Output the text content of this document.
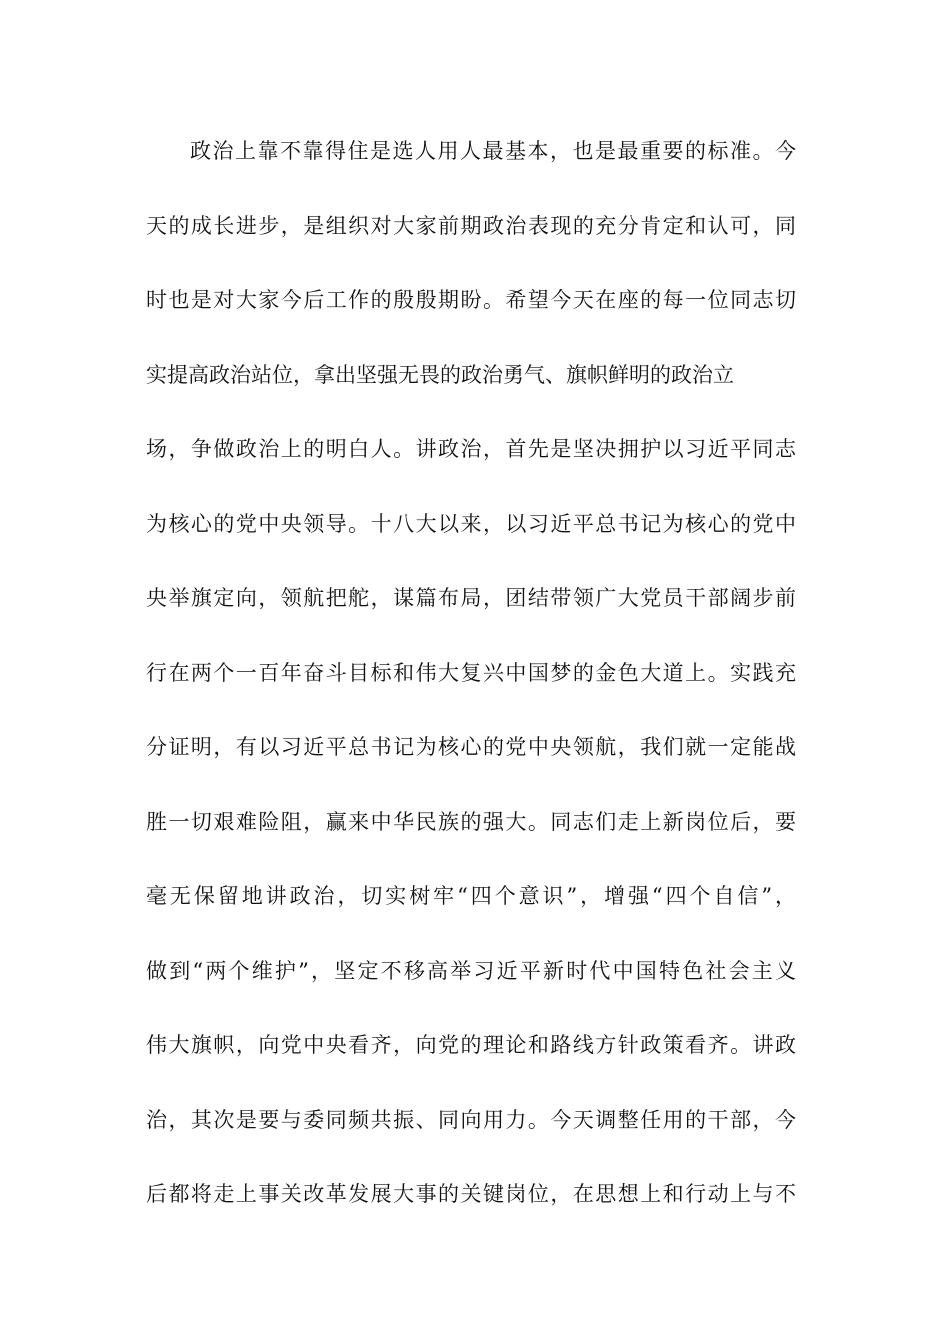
政治上靠不靠得住是选人用人最基本，也是最重要的标准。今
天的成长进步，是组织对大家前期政治表现的充分肯定和认可，同
时也是对大家今后工作的殷殷期盼。希望今天在座的每一位同志切
实提高政治站位，拿出坚强无畏的政治勇气、旗帜鲜明的政治立
场，争做政治上的明白人。讲政治，首先是坚决拥护以习近平同志
为核心的党中央领导。十八大以来，以习近平总书记为核心的党中
央举旗定向，领航把舵，谋篇布局，团结带领广大党员干部阔步前
行在两个一百年奋斗目标和伟大复兴中国梦的金色大道上。实践充
分证明，有以习近平总书记为核心的党中央领航，我们就一定能战
胜一切艰难险阻，赢来中华民族的强大。同志们走上新岗位后，要
毫无保留地讲政治，切实树牢“四个意识”，增强“四个自信”，
做到“两个维护”，坚定不移高举习近平新时代中国特色社会主义
伟大旗帜，向党中央看齐，向党的理论和路线方针政策看齐。讲政
治，其次是要与委同频共振、同向用力。今天调整任用的干部，今
后都将走上事关改革发展大事的关键岗位，在思想上和行动上与不
